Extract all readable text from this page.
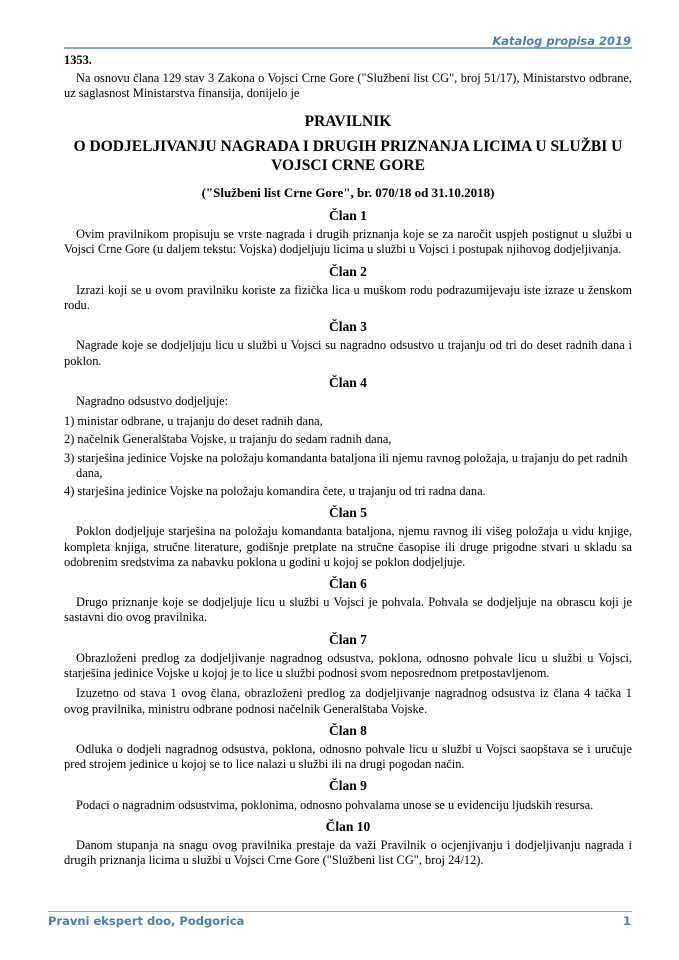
Katalog propisa 2019
1353.

Na osnovu člana 129 stav 3 Zakona o Vojsci Crne Gore ("Službeni list CG", broj 51/17), Ministarstvo odbrane, uz saglasnost Ministarstva finansija, donijelo je

PRAVILNIK
O DODJELJIVANJU NAGRADA I DRUGIH PRIZNANJA LICIMA U SLUŽBI U VOJSCI CRNE GORE
("Službeni list Crne Gore", br. 070/18 od 31.10.2018)
Član 1

Ovim pravilnikom propisuju se vrste nagrada i drugih priznanja koje se za naročit uspjeh postignut u službi u Vojsci Crne Gore (u daljem tekstu: Vojska) dodjeljuju licima u službi u Vojsci i postupak njihovog dodjeljivanja.

Član 2

Izrazi koji se u ovom pravilniku koriste za fizička lica u muškom rodu podrazumijevaju iste izraze u ženskom rodu.

Član 3

Nagrade koje se dodjeljuju licu u službi u Vojsci su nagradno odsustvo u trajanju od tri do deset radnih dana i poklon.

Član 4

Nagradno odsustvo dodjeljuje:

1) ministar odbrane, u trajanju do deset radnih dana,
2) načelnik Generalštaba Vojske, u trajanju do sedam radnih dana,
3) starješina jedinice Vojske na položaju komandanta bataljona ili njemu ravnog položaja, u trajanju do pet radnih dana,
4) starješina jedinice Vojske na položaju komandira čete, u trajanju od tri radna dana.
Član 5

Poklon dodjeljuje starješina na položaju komandanta bataljona, njemu ravnog ili višeg položaja u vidu knjige, kompleta knjiga, stručne literature, godišnje pretplate na stručne časopise ili druge prigodne stvari u skladu sa odobrenim sredstvima za nabavku poklona u godini u kojoj se poklon dodjeljuje.

Član 6

Drugo priznanje koje se dodjeljuje licu u službi u Vojsci je pohvala. Pohvala se dodjeljuje na obrascu koji je sastavni dio ovog pravilnika.

Član 7

Obrazloženi predlog za dodjeljivanje nagradnog odsustva, poklona, odnosno pohvale licu u službi u Vojsci, starješina jedinice Vojske u kojoj je to lice u službi podnosi svom neposrednom pretpostavljenom.

Izuzetno od stava 1 ovog člana, obrazloženi predlog za dodjeljivanje nagradnog odsustva iz člana 4 tačka 1 ovog pravilnika, ministru odbrane podnosi načelnik Generalštaba Vojske.

Član 8

Odluka o dodjeli nagradnog odsustva, poklona, odnosno pohvale licu u službi u Vojsci saopštava se i uručuje pred strojem jedinice u kojoj se to lice nalazi u službi ili na drugi pogodan način.

Član 9

Podaci o nagradnim odsustvima, poklonima, odnosno pohvalama unose se u evidenciju ljudskih resursa.

Član 10

Danom stupanja na snagu ovog pravilnika prestaje da važi Pravilnik o ocjenjivanju i dodjeljivanju nagrada i drugih priznanja licima u službi u Vojsci Crne Gore ("Službeni list CG", broj 24/12).

Pravni ekspert doo, Podgorica	1
